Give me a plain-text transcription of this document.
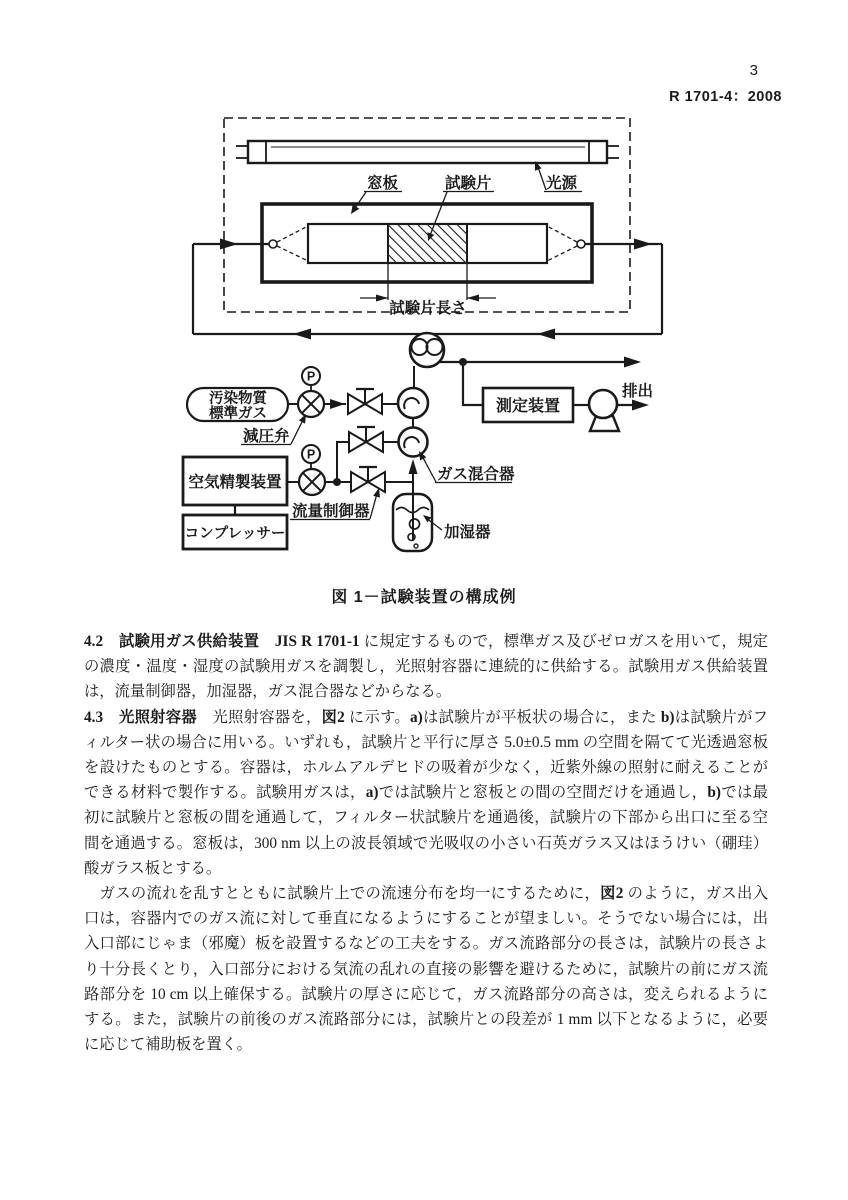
3
R 1701-4：2008
測定装置
排出
汚染物質
標準ガス
P
空気精製装置
コンプレッサー
P
窓板	試験片	光源
減圧弁
流量制御器
ガス混合器
加湿器
試験片長さ
図 1－試験装置の構成例
4.2　 試験用ガス供給装置　 JIS R 1701-1 に規定するもので，標準ガス及びゼロガスを用いて，規定の濃度・温度・湿度の試験用ガスを調製し，光照射容器に連続的に供給する。試験用ガス供給装置は，流量制御器，加湿器，ガス混合器などからなる。
4.3　 光照射容器　光照射容器を，図2 に示す。a)は試験片が平板状の場合に，また b)は試験片がフィルター状の場合に用いる。いずれも，試験片と平行に厚さ 5.0±0.5 mm の空間を隔てて光透過窓板を設けたものとする。容器は，ホルムアルデヒドの吸着が少なく，近紫外線の照射に耐えることができる材料で製作する。試験用ガスは，a)では試験片と窓板との間の空間だけを通過し，b)では最初に試験片と窓板の間を通過して，フィルター状試験片を通過後，試験片の下部から出口に至る空間を通過する。窓板は，300 nm 以上の波長領域で光吸収の小さい石英ガラス又はほうけい（硼珪）酸ガラス板とする。
　ガスの流れを乱すとともに試験片上での流速分布を均一にするために，図2 のように，ガス出入口は，容器内でのガス流に対して垂直になるようにすることが望ましい。そうでない場合には，出入口部にじゃま（邪魔）板を設置するなどの工夫をする。ガス流路部分の長さは，試験片の長さより十分長くとり，入口部分における気流の乱れの直接の影響を避けるために，試験片の前にガス流路部分を 10 cm 以上確保する。試験片の厚さに応じて，ガス流路部分の高さは，変えられるようにする。また，試験片の前後のガス流路部分には，試験片との段差が 1 mm 以下となるように，必要に応じて補助板を置く。
